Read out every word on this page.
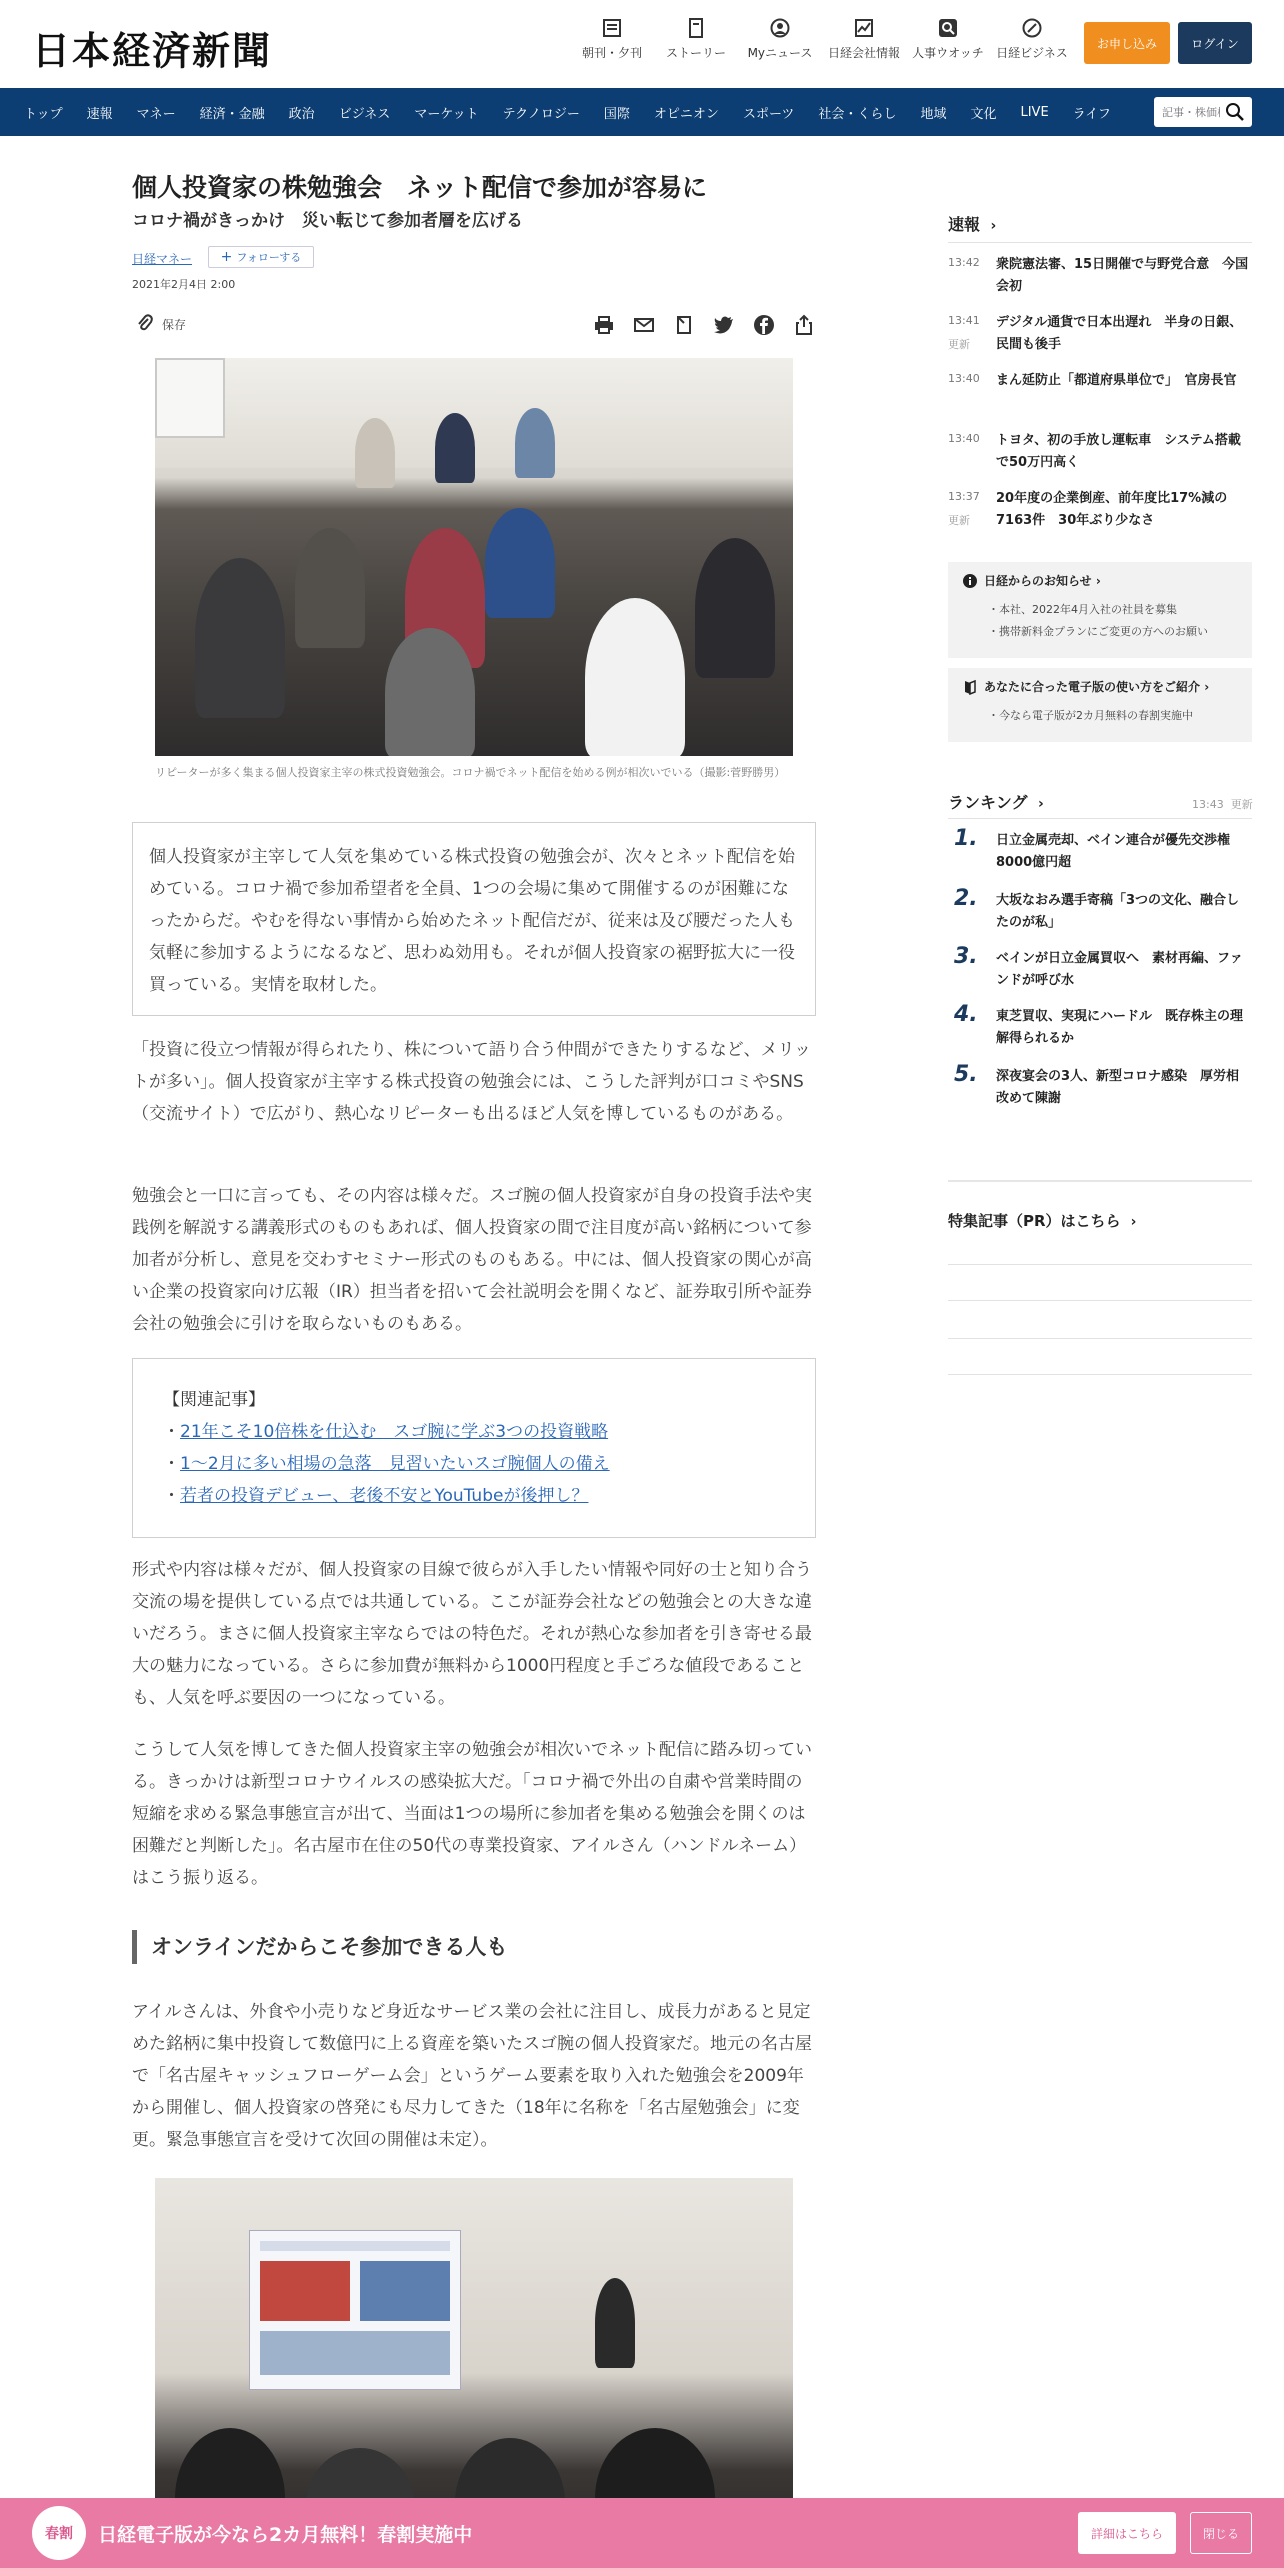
日本経済新聞	朝刊・夕刊	ストーリー	Myニュース	日経会社情報	人事ウオッチ	日経ビジネス
お申し込み	ログイン
トップ	速報	マネー	経済・金融	政治	ビジネス	マーケット	テクノロジー	国際	オピニオン	スポーツ	社会・くらし	地域	文化	LIVE	ライフ
記事・株価検索
個人投資家の株勉強会　ネット配信で参加が容易に
コロナ禍がきっかけ　災い転じて参加者層を広げる
日経マネー + フォローする
2021年2月4日 2:00
保存
リピーターが多く集まる個人投資家主宰の株式投資勉強会。コロナ禍でネット配信を始める例が相次いでいる（撮影:菅野勝男）

個人投資家が主宰して人気を集めている株式投資の勉強会が、次々とネット配信を始めている。コロナ禍で参加希望者を全員、1つの会場に集めて開催するのが困難になったからだ。やむを得ない事情から始めたネット配信だが、従来は及び腰だった人も気軽に参加するようになるなど、思わぬ効用も。それが個人投資家の裾野拡大に一役買っている。実情を取材した。

「投資に役立つ情報が得られたり、株について語り合う仲間ができたりするなど、メリットが多い」。個人投資家が主宰する株式投資の勉強会には、こうした評判が口コミやSNS（交流サイト）で広がり、熱心なリピーターも出るほど人気を博しているものがある。

勉強会と一口に言っても、その内容は様々だ。スゴ腕の個人投資家が自身の投資手法や実践例を解説する講義形式のものもあれば、個人投資家の間で注目度が高い銘柄について参加者が分析し、意見を交わすセミナー形式のものもある。中には、個人投資家の関心が高い企業の投資家向け広報（IR）担当者を招いて会社説明会を開くなど、証券取引所や証券会社の勉強会に引けを取らないものもある。

【関連記事】
・21年こそ10倍株を仕込む　スゴ腕に学ぶ3つの投資戦略
・1～2月に多い相場の急落　見習いたいスゴ腕個人の備え
・若者の投資デビュー、老後不安とYouTubeが後押し？

形式や内容は様々だが、個人投資家の目線で彼らが入手したい情報や同好の士と知り合う交流の場を提供している点では共通している。ここが証券会社などの勉強会との大きな違いだろう。まさに個人投資家主宰ならではの特色だ。それが熱心な参加者を引き寄せる最大の魅力になっている。さらに参加費が無料から1000円程度と手ごろな値段であることも、人気を呼ぶ要因の一つになっている。

こうして人気を博してきた個人投資家主宰の勉強会が相次いでネット配信に踏み切っている。きっかけは新型コロナウイルスの感染拡大だ。「コロナ禍で外出の自粛や営業時間の短縮を求める緊急事態宣言が出て、当面は1つの場所に参加者を集める勉強会を開くのは困難だと判断した」。名古屋市在住の50代の専業投資家、アイルさん（ハンドルネーム）はこう振り返る。

オンラインだからこそ参加できる人も

アイルさんは、外食や小売りなど身近なサービス業の会社に注目し、成長力があると見定めた銘柄に集中投資して数億円に上る資産を築いたスゴ腕の個人投資家だ。地元の名古屋で「名古屋キャッシュフローゲーム会」というゲーム要素を取り入れた勉強会を2009年から開催し、個人投資家の啓発にも尽力してきた（18年に名称を「名古屋勉強会」に変更。緊急事態宣言を受けて次回の開催は未定）。

速報  ›
13:42 衆院憲法審、15日開催で与野党合意　今国会初
13:41
更新
デジタル通貨で日本出遅れ　半身の日銀、民間も後手
13:40 まん延防止「都道府県単位で」　官房長官
13:40 トヨタ、初の手放し運転車　システム搭載で50万円高く
13:37
更新
20年度の企業倒産、前年度比17%減の7163件　30年ぶり少なさ
日経からのお知らせ ›
・本社、2022年4月入社の社員を募集
・携帯新料金プランにご変更の方へのお願い
あなたに合った電子版の使い方をご紹介 ›
・今なら電子版が2カ月無料の春割実施中
ランキング  ›	13:43 更新
1. 日立金属売却、ベイン連合が優先交渉権　8000億円超
2. 大坂なおみ選手寄稿「3つの文化、融合したのが私」
3. ベインが日立金属買収へ　素材再編、ファンドが呼び水
4. 東芝買収、実現にハードル　既存株主の理解得られるか
5. 深夜宴会の3人、新型コロナ感染　厚労相改めて陳謝
特集記事（PR）はこちら  ›
春割	日経電子版が今なら2カ月無料！春割実施中	詳細はこちら	閉じる
